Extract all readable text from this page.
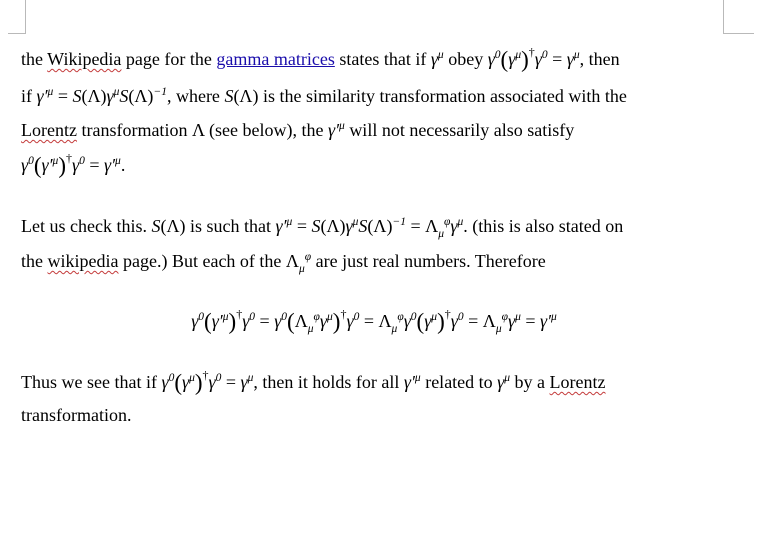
the Wikipedia page for the gamma matrices states that if $\gamma^\mu$ obey $\gamma^0(\gamma^\mu)^\dagger\gamma^0 = \gamma^\mu$, then
if $\gamma'^\mu = S(\Lambda)\gamma^\mu S(\Lambda)^{-1}$, where S(Λ) is the similarity transformation associated with the
Lorentz transformation Λ (see below), the $\gamma'^\mu$ will not necessarily also satisfy
$\gamma^0(\gamma'^\mu)^\dagger\gamma^0 = \gamma'^\mu$.
Let us check this. S(Λ) is such that $\gamma'^\mu = S(\Lambda)\gamma^\mu S(\Lambda)^{-1} = \Lambda_\mu^\varphi\gamma^\mu$. (this is also stated on
the wikipedia page.) But each of the $\Lambda_\mu^\varphi$ are just real numbers. Therefore
$\gamma^0(\gamma'^\mu)^\dagger\gamma^0 = \gamma^0(\Lambda_\mu^\varphi\gamma^\mu)^\dagger\gamma^0 = \Lambda_\mu^\varphi\gamma^0(\gamma^\mu)^\dagger\gamma^0 = \Lambda_\mu^\varphi\gamma^\mu = \gamma'^\mu$
Thus we see that if $\gamma^0(\gamma^\mu)^\dagger\gamma^0 = \gamma^\mu$, then it holds for all $\gamma'^\mu$ related to $\gamma^\mu$ by a Lorentz
transformation.
